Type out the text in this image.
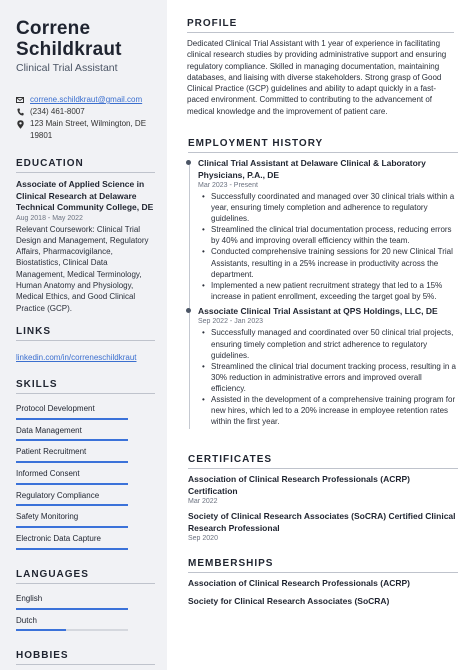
Correne
Schildkraut
Clinical Trial Assistant
correne.schildkraut@gmail.com
(234) 461-8007
123 Main Street, Wilmington, DE 19801
EDUCATION
Associate of Applied Science in Clinical Research at Delaware Technical Community College, DE
Aug 2018 - May 2022
Relevant Coursework: Clinical Trial Design and Management, Regulatory Affairs, Pharmacovigilance, Biostatistics, Clinical Data Management, Medical Terminology, Human Anatomy and Physiology, Medical Ethics, and Good Clinical Practice (GCP).
LINKS
linkedin.com/in/correneschildkraut
SKILLS
Protocol Development
Data Management
Patient Recruitment
Informed Consent
Regulatory Compliance
Safety Monitoring
Electronic Data Capture
LANGUAGES
English
Dutch
HOBBIES
PROFILE

Dedicated Clinical Trial Assistant with 1 year of experience in facilitating clinical research studies by providing administrative support and ensuring regulatory compliance. Skilled in managing documentation, maintaining databases, and liaising with diverse stakeholders. Strong grasp of Good Clinical Practice (GCP) guidelines and ability to adapt quickly in a fast-paced environment. Committed to contributing to the advancement of medical knowledge and the improvement of patient care.

EMPLOYMENT HISTORY
Clinical Trial Assistant at Delaware Clinical & Laboratory Physicians, P.A., DE
Mar 2023 - Present
• Successfully coordinated and managed over 30 clinical trials within a year, ensuring timely completion and adherence to regulatory guidelines.
• Streamlined the clinical trial documentation process, reducing errors by 40% and improving overall efficiency within the team.
• Conducted comprehensive training sessions for 20 new Clinical Trial Assistants, resulting in a 25% increase in productivity across the department.
• Implemented a new patient recruitment strategy that led to a 15% increase in patient enrollment, exceeding the target goal by 5%.
Associate Clinical Trial Assistant at QPS Holdings, LLC, DE
Sep 2022 - Jan 2023
• Successfully managed and coordinated over 50 clinical trial projects, ensuring timely completion and strict adherence to regulatory guidelines.
• Streamlined the clinical trial document tracking process, resulting in a 30% reduction in administrative errors and improved overall efficiency.
• Assisted in the development of a comprehensive training program for new hires, which led to a 20% increase in employee retention rates within the first year.
CERTIFICATES
Association of Clinical Research Professionals (ACRP) Certification
Mar 2022
Society of Clinical Research Associates (SoCRA) Certified Clinical Research Professional
Sep 2020
MEMBERSHIPS
Association of Clinical Research Professionals (ACRP)
Society for Clinical Research Associates (SoCRA)
